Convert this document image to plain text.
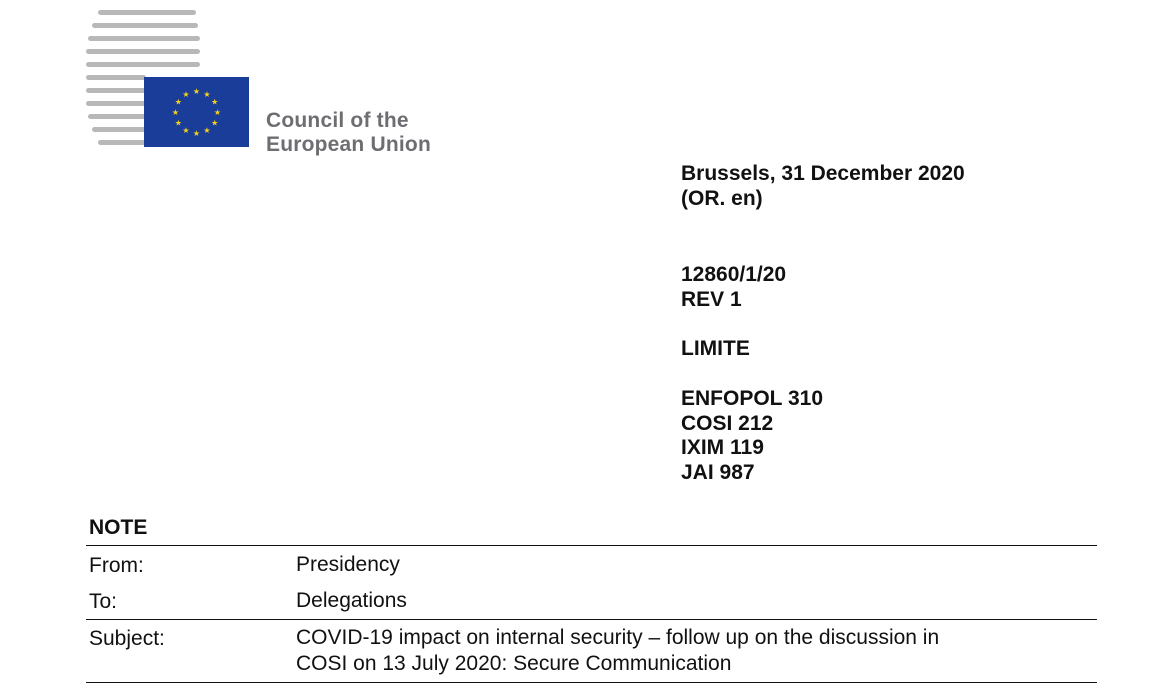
★ ★
★
★
★
★
★
★
★
★
★
★
Council of the
European Union
Brussels, 31 December 2020
(OR. en)
12860/1/20
REV 1
LIMITE
ENFOPOL 310
COSI 212
IXIM 119
JAI 987
NOTE
From:	Presidency
To:	Delegations
Subject:	COVID-19 impact on internal security – follow up on the discussion in
COSI on 13 July 2020: Secure Communication
